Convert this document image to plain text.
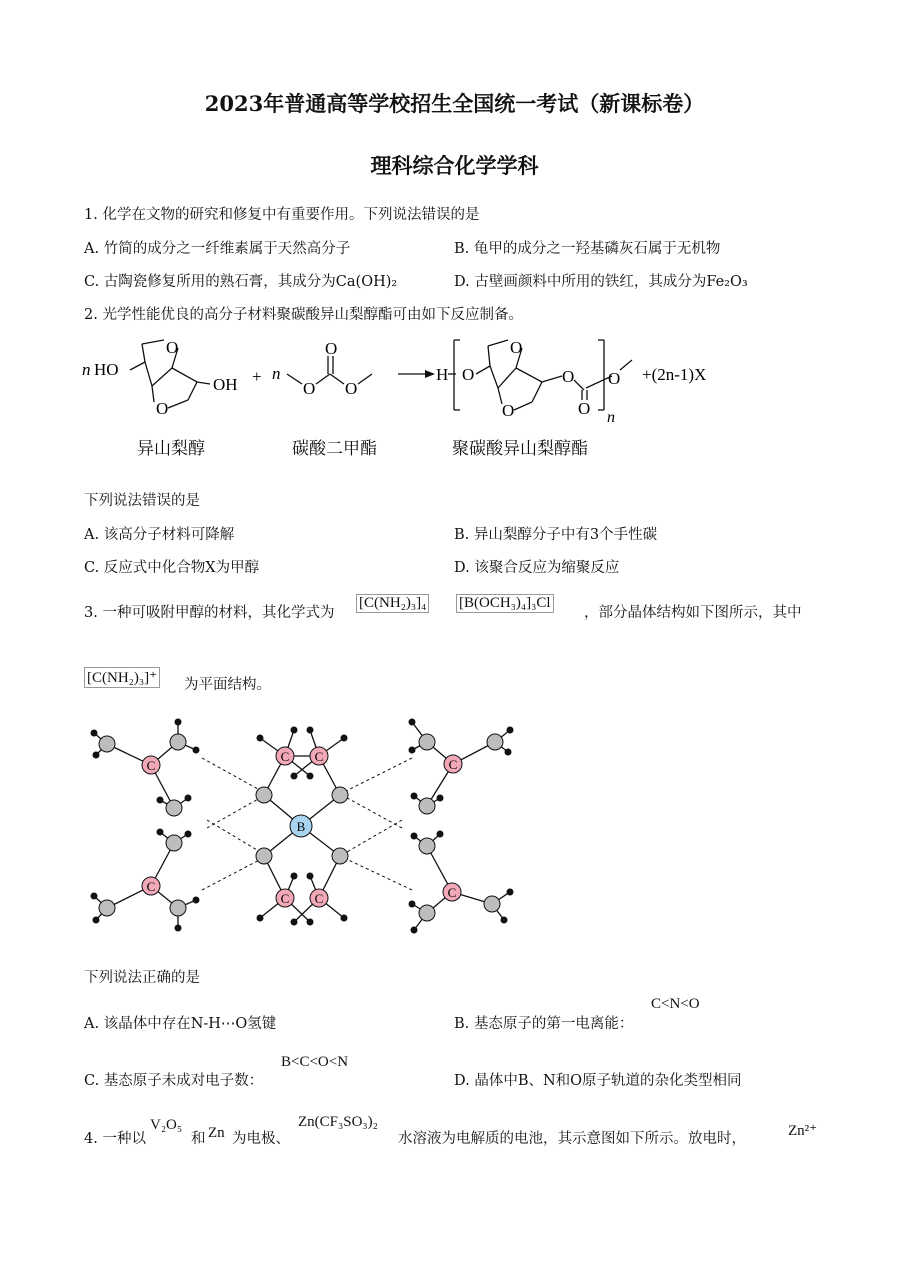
2023年普通高等学校招生全国统一考试（新课标卷）
理科综合化学学科
1. 化学在文物的研究和修复中有重要作用。下列说法错误的是
A. 竹简的成分之一纤维素属于天然高分子	B. 龟甲的成分之一羟基磷灰石属于无机物
C. 古陶瓷修复所用的熟石膏，其成分为Ca(OH)₂	D. 古壁画颜料中所用的铁红，其成分为Fe₂O₃
2. 光学性能优良的高分子材料聚碳酸异山梨醇酯可由如下反应制备。
n HO
O
O
OH + n
O
O O
H O
O
O
O
O
O
n
+(2n-1)X
异山梨醇	碳酸二甲酯	聚碳酸异山梨醇酯
下列说法错误的是
A. 该高分子材料可降解	B. 异山梨醇分子中有3个手性碳
C. 反应式中化合物X为甲醇	D. 该聚合反应为缩聚反应
3. 一种可吸附甲醇的材料，其化学式为
[C(NH₂)₃]₄ [B(OCH₃)₄]₃Cl
，部分晶体结构如下图所示，其中
[C(NH₂)₃]⁺ 为平面结构。
C
C
C
C
C C
C C
B
下列说法正确的是
A. 该晶体中存在N-H⋯O氢键	B. 基态原子的第一电离能：
C<N<O
C. 基态原子未成对电子数：
B<C<O<N
D. 晶体中B、N和O原子轨道的杂化类型相同
4. 一种以
V₂O₅
和 Zn 为电极、
Zn(CF₃SO₃)₂
水溶液为电解质的电池，其示意图如下所示。放电时，	Zn²⁺
